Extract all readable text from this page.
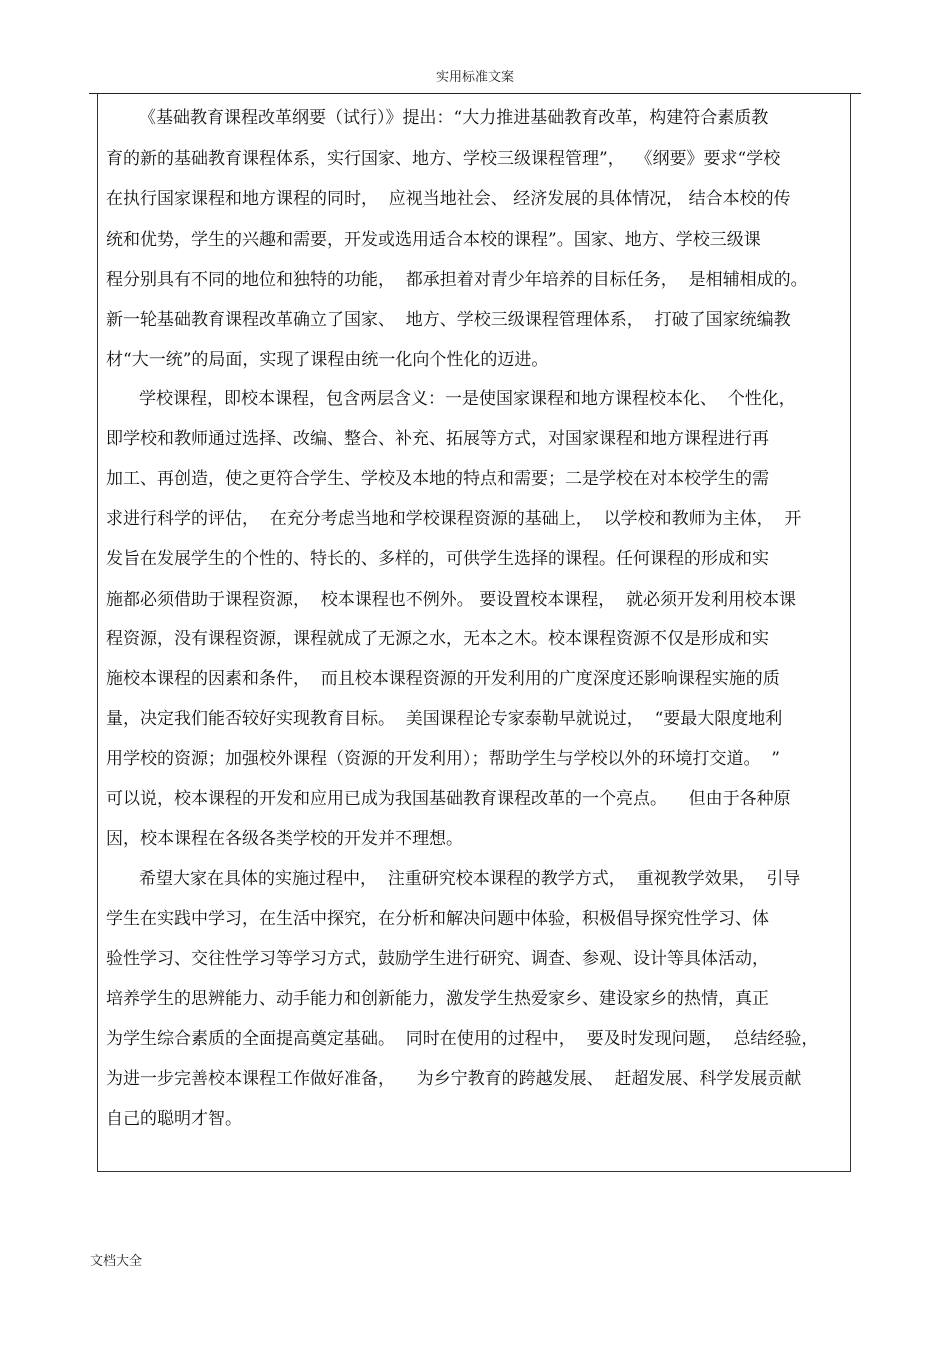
实用标准文案
《基础教育课程改革纲要（试行）》提出：“大力推进基础教育改革，构建符合素质教
育的新的基础教育课程体系，实行国家、地方、学校三级课程管理”，  《纲要》要求“学校
在执行国家课程和地方课程的同时，  应视当地社会、 经济发展的具体情况， 结合本校的传
统和优势，学生的兴趣和需要，开发或选用适合本校的课程”。国家、地方、学校三级课
程分别具有不同的地位和独特的功能，  都承担着对青少年培养的目标任务，  是相辅相成的。
新一轮基础教育课程改革确立了国家、  地方、学校三级课程管理体系，  打破了国家统编教
材“大一统”的局面，实现了课程由统一化向个性化的迈进。
学校课程，即校本课程，包含两层含义：一是使国家课程和地方课程校本化、  个性化，
即学校和教师通过选择、改编、整合、补充、拓展等方式，对国家课程和地方课程进行再
加工、再创造，使之更符合学生、学校及本地的特点和需要；二是学校在对本校学生的需
求进行科学的评估，  在充分考虑当地和学校课程资源的基础上，  以学校和教师为主体，  开
发旨在发展学生的个性的、特长的、多样的，可供学生选择的课程。任何课程的形成和实
施都必须借助于课程资源，  校本课程也不例外。 要设置校本课程，  就必须开发利用校本课
程资源，没有课程资源，课程就成了无源之水，无本之木。校本课程资源不仅是形成和实
施校本课程的因素和条件，  而且校本课程资源的开发利用的广度深度还影响课程实施的质
量，决定我们能否较好实现教育目标。  美国课程论专家泰勒早就说过，  “要最大限度地利
用学校的资源；加强校外课程（资源的开发利用）；帮助学生与学校以外的环境打交道。  ”
可以说，校本课程的开发和应用已成为我国基础教育课程改革的一个亮点。    但由于各种原
因，校本课程在各级各类学校的开发并不理想。
希望大家在具体的实施过程中，  注重研究校本课程的教学方式，  重视教学效果，  引导
学生在实践中学习，在生活中探究，在分析和解决问题中体验，积极倡导探究性学习、体
验性学习、交往性学习等学习方式，鼓励学生进行研究、调查、参观、设计等具体活动，
培养学生的思辨能力、动手能力和创新能力，激发学生热爱家乡、建设家乡的热情，真正
为学生综合素质的全面提高奠定基础。  同时在使用的过程中，  要及时发现问题，  总结经验，
为进一步完善校本课程工作做好准备，    为乡宁教育的跨越发展、  赶超发展、科学发展贡献
自己的聪明才智。
文档大全
